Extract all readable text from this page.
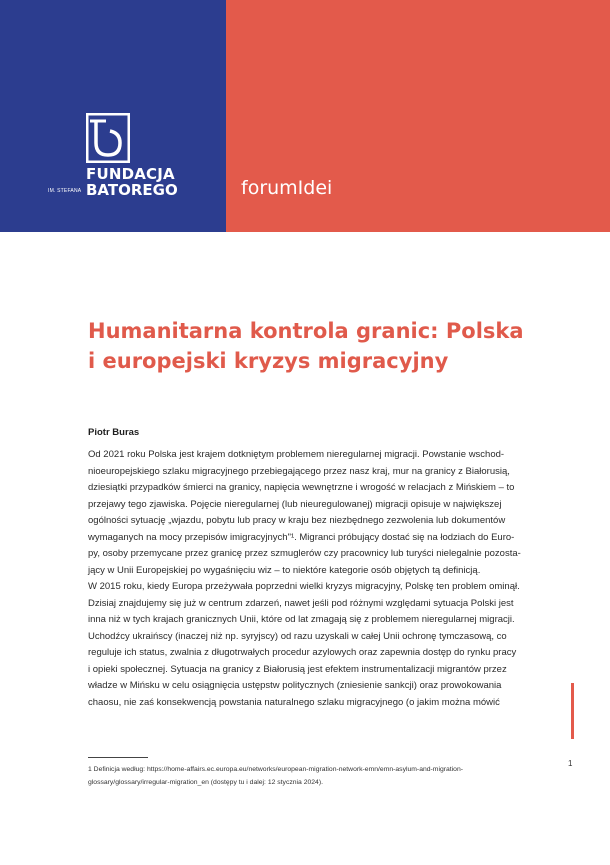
FUNDACJA
IM. STEFANA BATOREGO	forumIdei
Humanitarna kontrola granic: Polska
i europejski kryzys migracyjny
Piotr Buras
Od 2021 roku Polska jest krajem dotkniętym problemem nieregularnej migracji. Powstanie wschod-
nioeuropejskiego szlaku migracyjnego przebiegającego przez nasz kraj, mur na granicy z Białorusią,
dziesiątki przypadków śmierci na granicy, napięcia wewnętrzne i wrogość w relacjach z Mińskiem – to
przejawy tego zjawiska. Pojęcie nieregularnej (lub nieuregulowanej) migracji opisuje w największej
ogólności sytuację „wjazdu, pobytu lub pracy w kraju bez niezbędnego zezwolenia lub dokumentów
wymaganych na mocy przepisów imigracyjnych"¹. Migranci próbujący dostać się na łodziach do Euro-
py, osoby przemycane przez granicę przez szmuglerów czy pracownicy lub turyści nielegalnie pozosta-
jący w Unii Europejskiej po wygaśnięciu wiz – to niektóre kategorie osób objętych tą definicją.
W 2015 roku, kiedy Europa przeżywała poprzedni wielki kryzys migracyjny, Polskę ten problem ominął.
Dzisiaj znajdujemy się już w centrum zdarzeń, nawet jeśli pod różnymi względami sytuacja Polski jest
inna niż w tych krajach granicznych Unii, które od lat zmagają się z problemem nieregularnej migracji.
Uchodźcy ukraińscy (inaczej niż np. syryjscy) od razu uzyskali w całej Unii ochronę tymczasową, co
reguluje ich status, zwalnia z długotrwałych procedur azylowych oraz zapewnia dostęp do rynku pracy
i opieki społecznej. Sytuacja na granicy z Białorusią jest efektem instrumentalizacji migrantów przez
władze w Mińsku w celu osiągnięcia ustępstw politycznych (zniesienie sankcji) oraz prowokowania
chaosu, nie zaś konsekwencją powstania naturalnego szlaku migracyjnego (o jakim można mówić
1 Definicja według: https://home-affairs.ec.europa.eu/networks/european-migration-network-emn/emn-asylum-and-migration-
glossary/glossary/irregular-migration_en (dostępy tu i dalej: 12 stycznia 2024).
1
